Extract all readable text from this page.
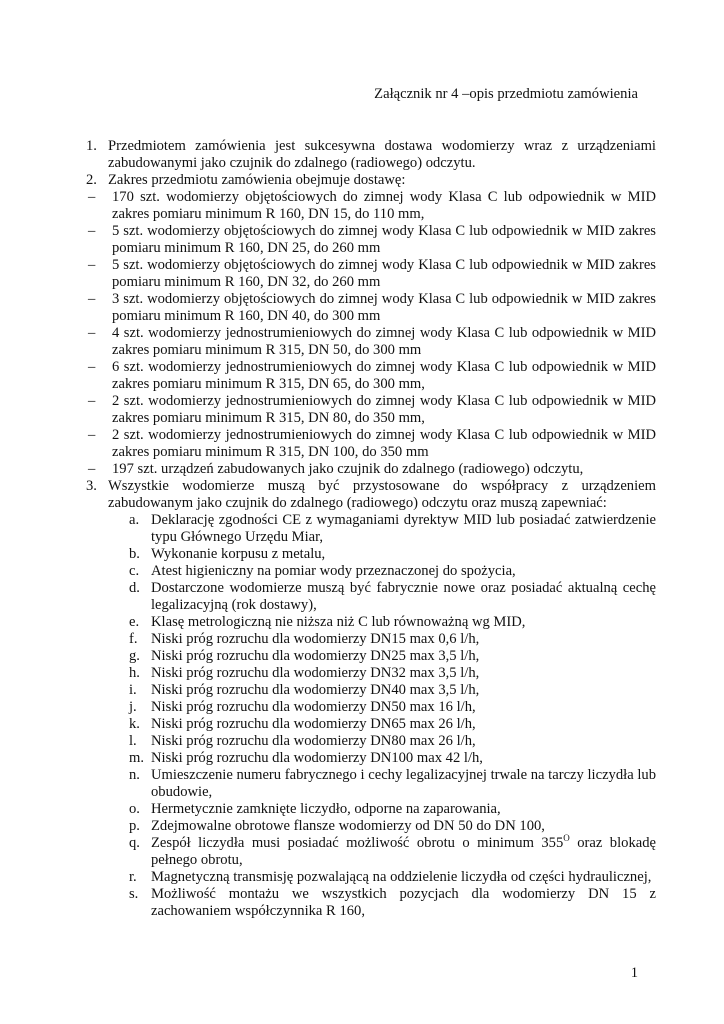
Załącznik nr 4 –opis przedmiotu zamówienia
1. Przedmiotem zamówienia jest sukcesywna dostawa wodomierzy wraz z urządzeniami zabudowanymi jako czujnik do zdalnego (radiowego) odczytu.
2. Zakres przedmiotu zamówienia obejmuje dostawę:
–	170 szt. wodomierzy objętościowych do zimnej wody Klasa C lub odpowiednik w MID zakres pomiaru minimum R 160, DN 15, do 110 mm,
–	5 szt. wodomierzy objętościowych do zimnej wody Klasa C lub odpowiednik w MID zakres pomiaru minimum R 160, DN 25, do 260 mm
–	5 szt. wodomierzy objętościowych do zimnej wody Klasa C lub odpowiednik w MID zakres pomiaru minimum R 160, DN 32, do 260 mm
–	3 szt. wodomierzy objętościowych do zimnej wody Klasa C lub odpowiednik w MID zakres pomiaru minimum R 160, DN 40, do 300 mm
–	4 szt. wodomierzy jednostrumieniowych do zimnej wody Klasa C lub odpowiednik w MID zakres pomiaru minimum R 315, DN 50, do 300 mm
–	6 szt. wodomierzy jednostrumieniowych do zimnej wody Klasa C lub odpowiednik w MID zakres pomiaru minimum R 315, DN 65, do 300 mm,
–	2 szt. wodomierzy jednostrumieniowych do zimnej wody Klasa C lub odpowiednik w MID zakres pomiaru minimum R 315, DN 80, do 350 mm,
–	2 szt. wodomierzy jednostrumieniowych do zimnej wody Klasa C lub odpowiednik w MID zakres pomiaru minimum R 315, DN 100, do 350 mm
–	197 szt. urządzeń zabudowanych jako czujnik do zdalnego (radiowego) odczytu,
3. Wszystkie wodomierze muszą być przystosowane do współpracy z urządzeniem zabudowanym jako czujnik do zdalnego (radiowego) odczytu oraz muszą zapewniać:
a. Deklarację zgodności CE z wymaganiami dyrektyw MID lub posiadać zatwierdzenie typu Głównego Urzędu Miar,
b. Wykonanie korpusu z metalu,
c. Atest higieniczny na pomiar wody przeznaczonej do spożycia,
d. Dostarczone wodomierze muszą być fabrycznie nowe oraz posiadać aktualną cechę legalizacyjną (rok dostawy),
e. Klasę metrologiczną nie niższa niż C lub równoważną wg MID,
f. Niski próg rozruchu dla wodomierzy DN15 max 0,6 l/h,
g. Niski próg rozruchu dla wodomierzy DN25 max 3,5 l/h,
h. Niski próg rozruchu dla wodomierzy DN32 max 3,5 l/h,
i. Niski próg rozruchu dla wodomierzy DN40 max 3,5 l/h,
j. Niski próg rozruchu dla wodomierzy DN50 max 16 l/h,
k. Niski próg rozruchu dla wodomierzy DN65 max 26 l/h,
l. Niski próg rozruchu dla wodomierzy DN80 max 26 l/h,
m. Niski próg rozruchu dla wodomierzy DN100 max 42 l/h,
n. Umieszczenie numeru fabrycznego i cechy legalizacyjnej trwale na tarczy liczydła lub obudowie,
o. Hermetycznie zamknięte liczydło, odporne na zaparowania,
p. Zdejmowalne obrotowe flansze wodomierzy od DN 50 do DN 100,
q. Zespół liczydła musi posiadać możliwość obrotu o minimum $355^O$ oraz blokadę pełnego obrotu,
r. Magnetyczną transmisję pozwalającą na oddzielenie liczydła od części hydraulicznej,
s. Możliwość montażu we wszystkich pozycjach dla wodomierzy DN 15 z zachowaniem współczynnika R 160,
1
